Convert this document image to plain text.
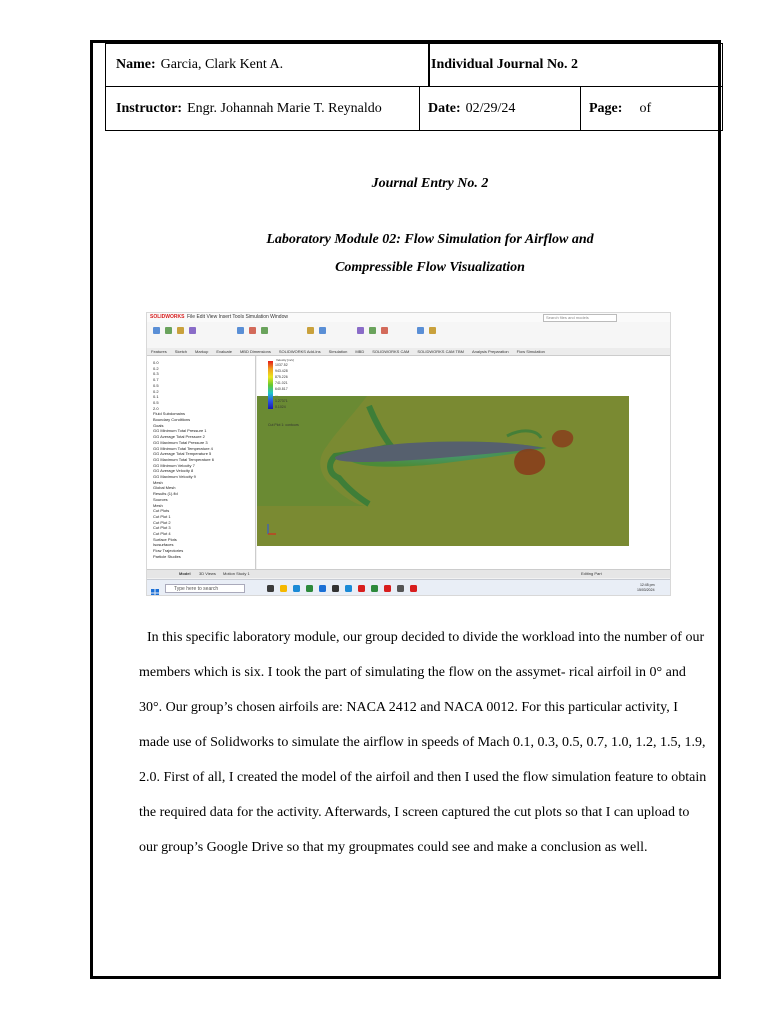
Name: Garcia, Clark Kent A.	Individual Journal No. 2
Instructor: Engr. Johannah Marie T. Reynaldo	Date: 02/29/24	Page: of
Journal Entry No. 2
Laboratory Module 02: Flow Simulation for Airflow and
Compressible Flow Visualization
SOLIDWORKS File Edit View Insert Tools Simulation Window	Search files and models
Features Sketch Markup Evaluate MBD Dimensions SOLIDWORKS Add-Ins Simulation MBD SOLIDWORKS CAM SOLIDWORKS CAM TBM Analysis Preparation Flow Simulation
0.0
0.2
0.3
0.7
0.5
0.2
0.1
0.5
2.0
Fluid Subdomains
Boundary Conditions
Goals
GG Minimum Total Pressure 1
GG Average Total Pressure 2
GG Maximum Total Pressure 3
GG Minimum Total Temperature 4
GG Average Total Temperature 5
GG Maximum Total Temperature 6
GG Minimum Velocity 7
GG Average Velocity 8
GG Maximum Velocity 9
Mesh
Global Mesh
Results (1).fld
Sources
Mesh
Cut Plots
Cut Plot 1
Cut Plot 2
Cut Plot 3
Cut Plot 4
Surface Plots
Isosurfaces
Flow Trajectories
Particle Studies
Velocity [m/s]
1037.52
943.428
875.226
741.021
640.817
...
1.27371
0.1024
Cut Plot 1: contours
Model 3D Views Motion Study 1	Editing Part
Type here to search
12:45 pm
15/03/2024

In this specific laboratory module, our group decided to divide the workload into the number of our members which is six. I took the part of simulating the flow on the assymet- rical airfoil in 0° and 30°. Our group’s chosen airfoils are: NACA 2412 and NACA 0012. For this particular activity, I made use of Solidworks to simulate the airflow in speeds of Mach 0.1, 0.3, 0.5, 0.7, 1.0, 1.2, 1.5, 1.9, 2.0. First of all, I created the model of the airfoil and then I used the flow simulation feature to obtain the required data for the activity. Afterwards, I screen captured the cut plots so that I can upload to our group’s Google Drive so that my groupmates could see and make a conclusion as well.
